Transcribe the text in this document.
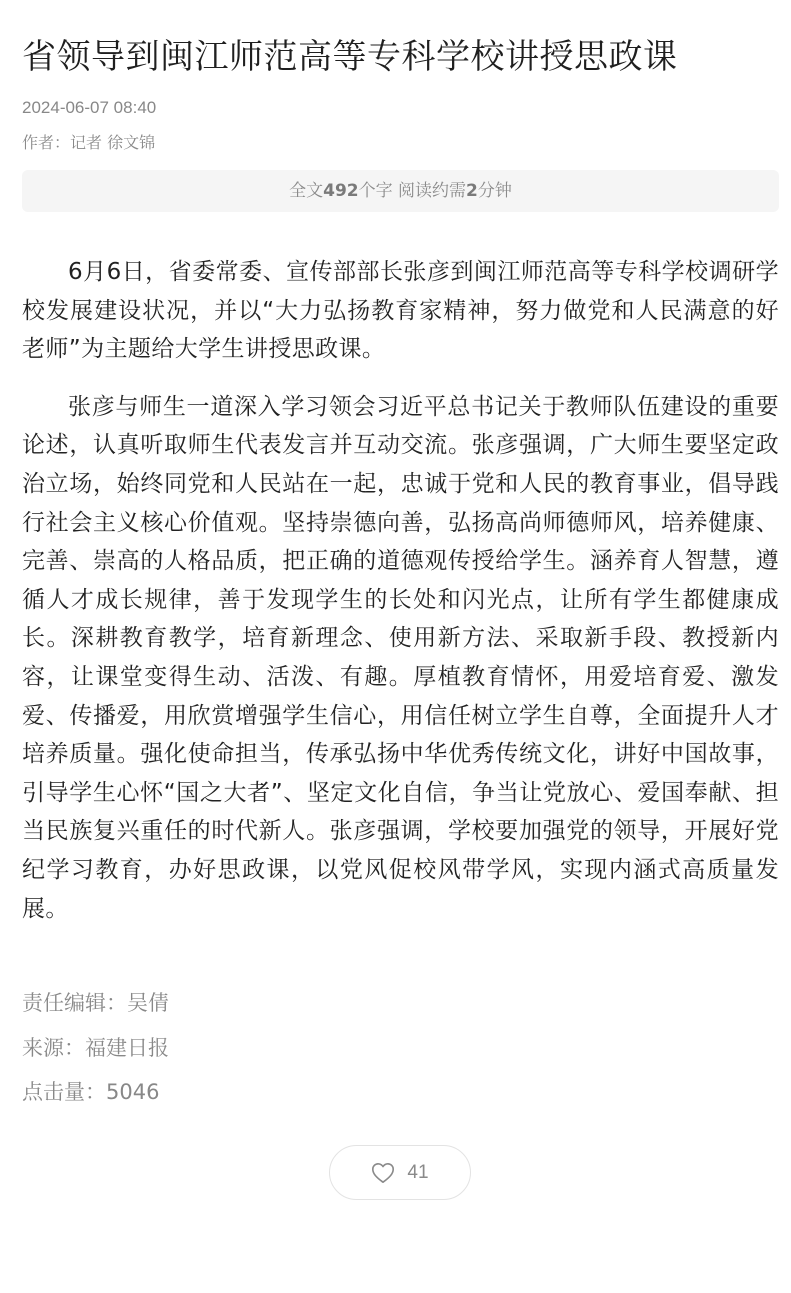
省领导到闽江师范高等专科学校讲授思政课
2024-06-07 08:40
作者：记者 徐文锦
全文492个字 阅读约需2分钟

6月6日，省委常委、宣传部部长张彦到闽江师范高等专科学校调研学校发展建设状况，并以“大力弘扬教育家精神，努力做党和人民满意的好老师”为主题给大学生讲授思政课。

张彦与师生一道深入学习领会习近平总书记关于教师队伍建设的重要论述，认真听取师生代表发言并互动交流。张彦强调，广大师生要坚定政治立场，始终同党和人民站在一起，忠诚于党和人民的教育事业，倡导践行社会主义核心价值观。坚持崇德向善，弘扬高尚师德师风，培养健康、完善、崇高的人格品质，把正确的道德观传授给学生。涵养育人智慧，遵循人才成长规律，善于发现学生的长处和闪光点，让所有学生都健康成长。深耕教育教学，培育新理念、使用新方法、采取新手段、教授新内容，让课堂变得生动、活泼、有趣。厚植教育情怀，用爱培育爱、激发爱、传播爱，用欣赏增强学生信心，用信任树立学生自尊，全面提升人才培养质量。强化使命担当，传承弘扬中华优秀传统文化，讲好中国故事，引导学生心怀“国之大者”、坚定文化自信，争当让党放心、爱国奉献、担当民族复兴重任的时代新人。张彦强调，学校要加强党的领导，开展好党纪学习教育，办好思政课，以党风促校风带学风，实现内涵式高质量发展。

责任编辑：吴倩
来源：福建日报
点击量：5046
41
